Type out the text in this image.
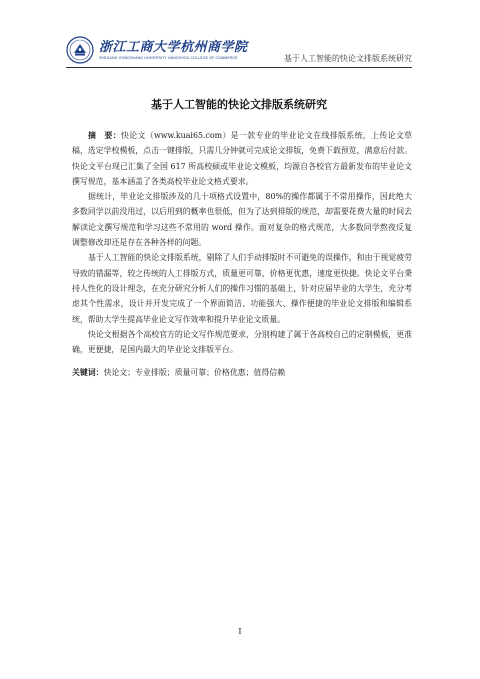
浙江工商大学杭州商学院
ZHEJIANG GONGSHANG UNIVERSITY HANGZHOU COLLEGE OF COMMERCE	基于人工智能的快论文排版系统研究
基于人工智能的快论文排版系统研究

摘　要：快论文（www.kuai65.com）是一款专业的毕业论文在线排版系统，上传论文草稿，选定学校模板，点击一键排版，只需几分钟就可完成论文排版，免费下载预览，满意后付款。快论文平台现已汇集了全国 617 所高校硕或毕业论文模板，均源自各校官方最新发布的毕业论文撰写规范，基本涵盖了各类高校毕业论文格式要求。

据统计，毕业论文排版涉及的几十项格式设置中，80%的操作都属于不常用操作，因此绝大多数同学以前没用过，以后用到的概率也很低，但为了达到排版的规范，却需要花费大量的时间去解读论文撰写规范和学习这些不常用的 word 操作。面对复杂的格式规范，大多数同学熬夜反复调整修改却还是存在各种各样的问题。

基于人工智能的快论文排版系统，剔除了人们手动排版时不可避免的误操作，和由于视觉疲劳导致的错漏等，较之传统的人工排版方式，质量更可靠，价格更优惠，速度更快捷。快论文平台秉持人性化的设计理念，在充分研究分析人们的操作习惯的基础上，针对应届毕业的大学生，充分考虑其个性需求，设计并开发完成了一个界面简洁、功能强大、操作便捷的毕业论文排版和编辑系统，帮助大学生提高毕业论文写作效率和提升毕业论文质量。

快论文根据各个高校官方的论文写作规范要求，分别构建了属于各高校自己的定制模板，更准确，更便捷，是国内最大的毕业论文排版平台。

关键词：快论文；专业排版；质量可靠；价格优惠；值得信赖

I
